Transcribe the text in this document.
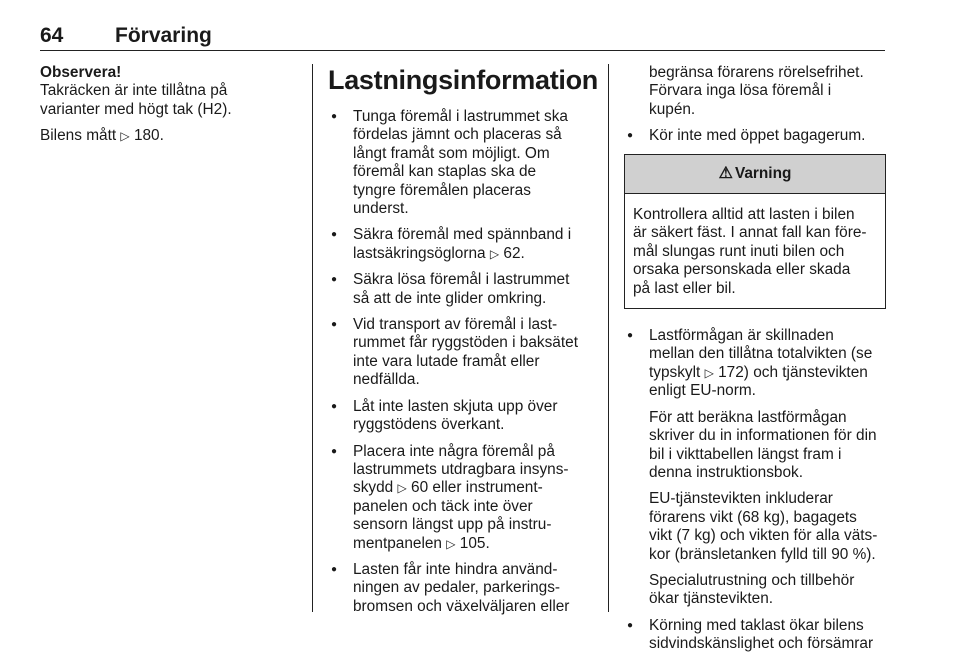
64 Förvaring

Observera!

Takräcken är inte tillåtna på

varianter med högt tak (H2).

Bilens mått ▷ 180.

Lastningsinformation
● Tunga föremål i lastrummet ska
fördelas jämnt och placeras så
långt framåt som möjligt. Om
föremål kan staplas ska de
tyngre föremålen placeras
underst.
● Säkra föremål med spännband i
lastsäkringsöglorna ▷ 62.
● Säkra lösa föremål i lastrummet
så att de inte glider omkring.
● Vid transport av föremål i last-
rummet får ryggstöden i baksätet
inte vara lutade framåt eller
nedfällda.
● Låt inte lasten skjuta upp över
ryggstödens överkant.
● Placera inte några föremål på
lastrummets utdragbara insyns-
skydd ▷ 60 eller instrument-
panelen och täck inte över
sensorn längst upp på instru-
mentpanelen ▷ 105.
● Lasten får inte hindra använd-
ningen av pedaler, parkerings-
bromsen och växelväljaren eller
begränsa förarens rörelsefrihet.
Förvara inga lösa föremål i
kupén.
● Kör inte med öppet bagagerum.
⚠ Varning
Kontrollera alltid att lasten i bilen
är säkert fäst. I annat fall kan före-
mål slungas runt inuti bilen och
orsaka personskada eller skada
på last eller bil.

● Lastförmågan är skillnaden
mellan den tillåtna totalvikten (se
typskylt ▷ 172) och tjänstevikten
enligt EU-norm.

För att beräkna lastförmågan
skriver du in informationen för din
bil i vikttabellen längst fram i
denna instruktionsbok.

EU-tjänstevikten inkluderar
förarens vikt (68 kg), bagagets
vikt (7 kg) och vikten för alla väts-
kor (bränsletanken fylld till 90 %).

Specialutrustning och tillbehör
ökar tjänstevikten.

● Körning med taklast ökar bilens
sidvindskänslighet och försämrar
